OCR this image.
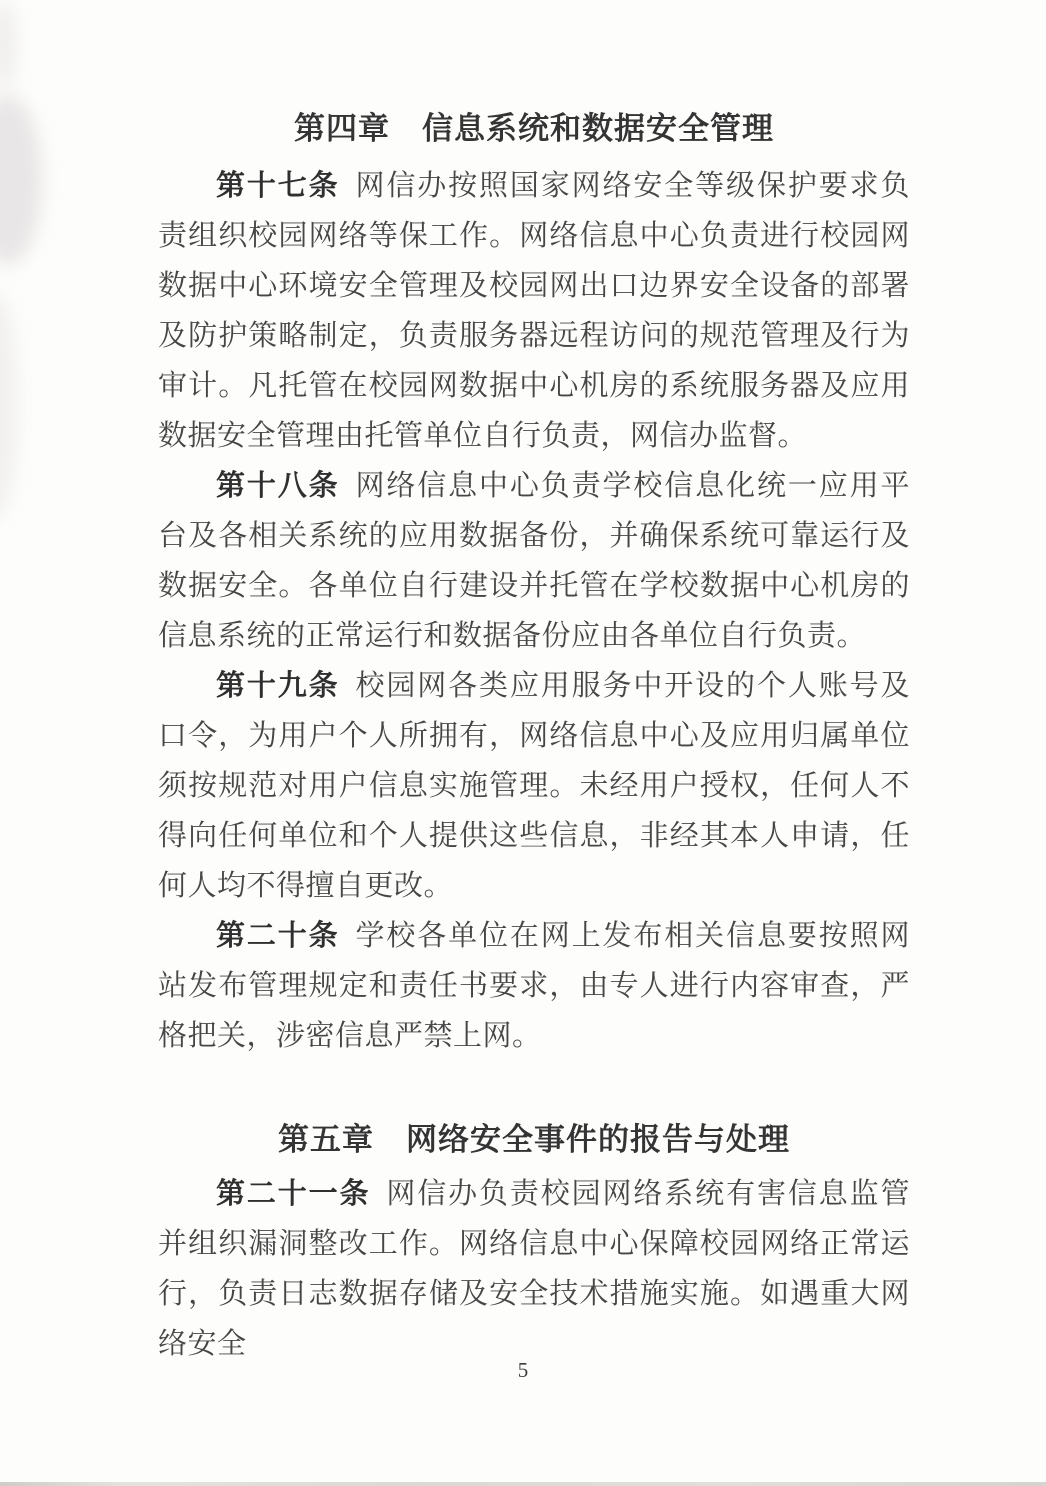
第四章　信息系统和数据安全管理

第十七条 网信办按照国家网络安全等级保护要求负责组织校园网络等保工作。网络信息中心负责进行校园网数据中心环境安全管理及校园网出口边界安全设备的部署及防护策略制定，负责服务器远程访问的规范管理及行为审计。凡托管在校园网数据中心机房的系统服务器及应用数据安全管理由托管单位自行负责，网信办监督。

第十八条 网络信息中心负责学校信息化统一应用平台及各相关系统的应用数据备份，并确保系统可靠运行及数据安全。各单位自行建设并托管在学校数据中心机房的信息系统的正常运行和数据备份应由各单位自行负责。

第十九条 校园网各类应用服务中开设的个人账号及口令，为用户个人所拥有，网络信息中心及应用归属单位须按规范对用户信息实施管理。未经用户授权，任何人不得向任何单位和个人提供这些信息，非经其本人申请，任何人均不得擅自更改。

第二十条 学校各单位在网上发布相关信息要按照网站发布管理规定和责任书要求，由专人进行内容审查，严格把关，涉密信息严禁上网。

第五章　网络安全事件的报告与处理

第二十一条 网信办负责校园网络系统有害信息监管并组织漏洞整改工作。网络信息中心保障校园网络正常运行，负责日志数据存储及安全技术措施实施。如遇重大网络安全

5
